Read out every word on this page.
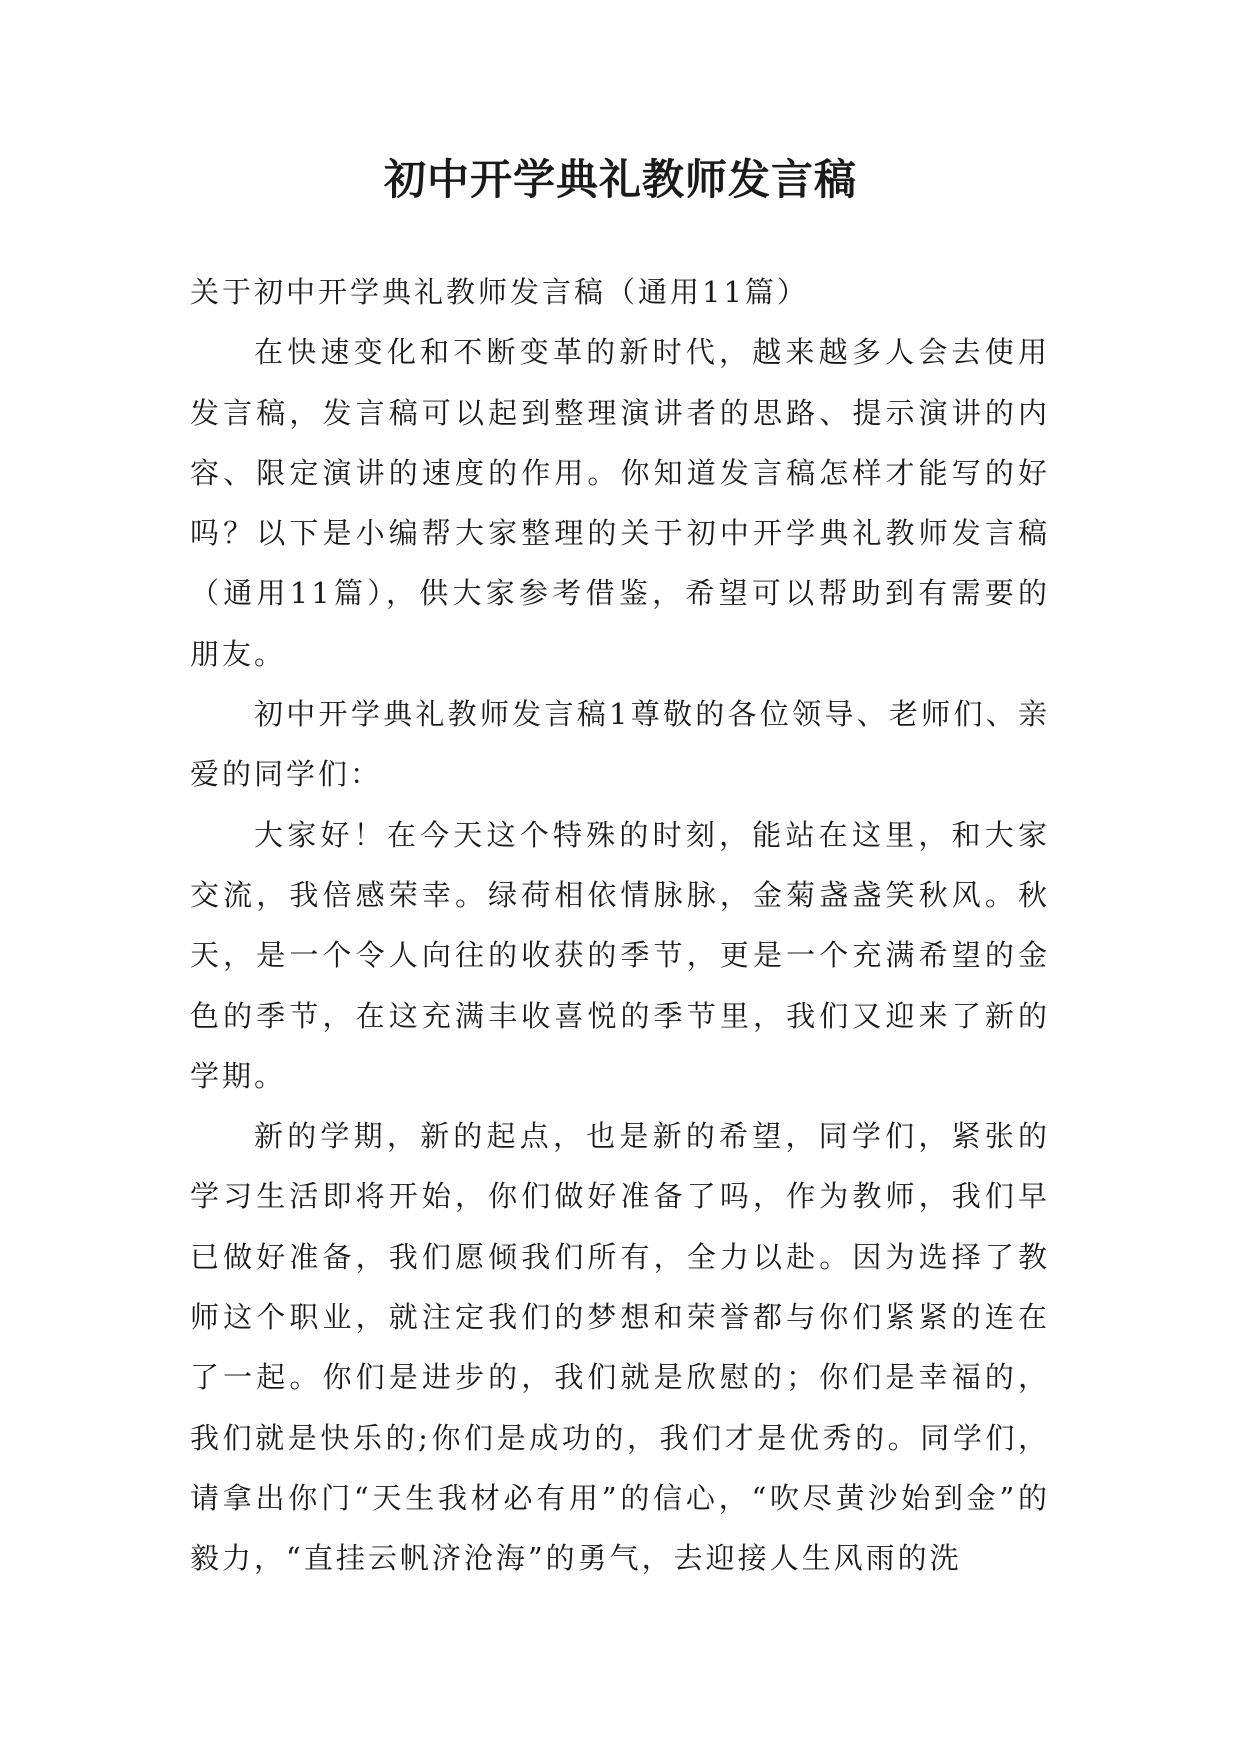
初中开学典礼教师发言稿

关于初中开学典礼教师发言稿（通用11篇）

在快速变化和不断变革的新时代，越来越多人会去使用发言稿，发言稿可以起到整理演讲者的思路、提示演讲的内容、限定演讲的速度的作用。你知道发言稿怎样才能写的好吗？以下是小编帮大家整理的关于初中开学典礼教师发言稿（通用11篇），供大家参考借鉴，希望可以帮助到有需要的朋友。

初中开学典礼教师发言稿1尊敬的各位领导、老师们、亲爱的同学们：

大家好！在今天这个特殊的时刻，能站在这里，和大家交流，我倍感荣幸。绿荷相依情脉脉，金菊盏盏笑秋风。秋天，是一个令人向往的收获的季节，更是一个充满希望的金色的季节，在这充满丰收喜悦的季节里，我们又迎来了新的学期。

新的学期，新的起点，也是新的希望，同学们，紧张的学习生活即将开始，你们做好准备了吗，作为教师，我们早已做好准备，我们愿倾我们所有，全力以赴。因为选择了教师这个职业，就注定我们的梦想和荣誉都与你们紧紧的连在了一起。你们是进步的，我们就是欣慰的；你们是幸福的，我们就是快乐的;你们是成功的，我们才是优秀的。同学们，请拿出你门“天生我材必有用”的信心，“吹尽黄沙始到金”的毅力，“直挂云帆济沧海”的勇气，去迎接人生风雨的洗
